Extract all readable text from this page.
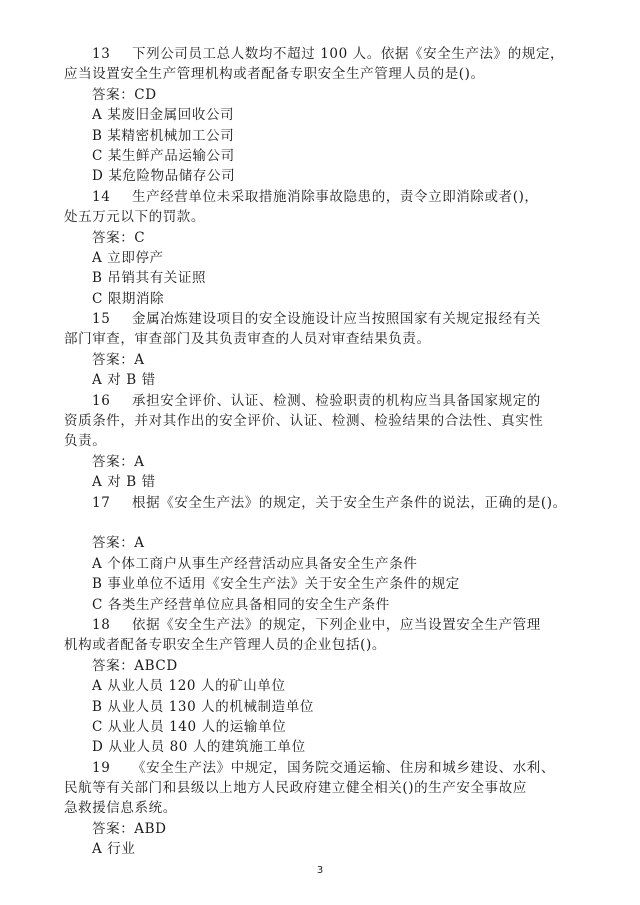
13 下列公司员工总人数均不超过 100 人。依据《安全生产法》的规定，
应当设置安全生产管理机构或者配备专职安全生产管理人员的是()。
答案：CD
A 某废旧金属回收公司
B 某精密机械加工公司
C 某生鲜产品运输公司
D 某危险物品储存公司
14 生产经营单位未采取措施消除事故隐患的，责令立即消除或者()，
处五万元以下的罚款。
答案：C
A 立即停产
B 吊销其有关证照
C 限期消除
15 金属冶炼建设项目的安全设施设计应当按照国家有关规定报经有关
部门审查，审查部门及其负责审查的人员对审查结果负责。
答案：A
A 对 B 错
16 承担安全评价、认证、检测、检验职责的机构应当具备国家规定的
资质条件，并对其作出的安全评价、认证、检测、检验结果的合法性、真实性
负责。
答案：A
A 对 B 错
17 根据《安全生产法》的规定，关于安全生产条件的说法，正确的是()。
答案：A
A 个体工商户从事生产经营活动应具备安全生产条件
B 事业单位不适用《安全生产法》关于安全生产条件的规定
C 各类生产经营单位应具备相同的安全生产条件
18 依据《安全生产法》的规定，下列企业中，应当设置安全生产管理
机构或者配备专职安全生产管理人员的企业包括()。
答案：ABCD
A 从业人员 120 人的矿山单位
B 从业人员 130 人的机械制造单位
C 从业人员 140 人的运输单位
D 从业人员 80 人的建筑施工单位
19 《安全生产法》中规定，国务院交通运输、住房和城乡建设、水利、
民航等有关部门和县级以上地方人民政府建立健全相关()的生产安全事故应
急救援信息系统。
答案：ABD
A 行业
3
